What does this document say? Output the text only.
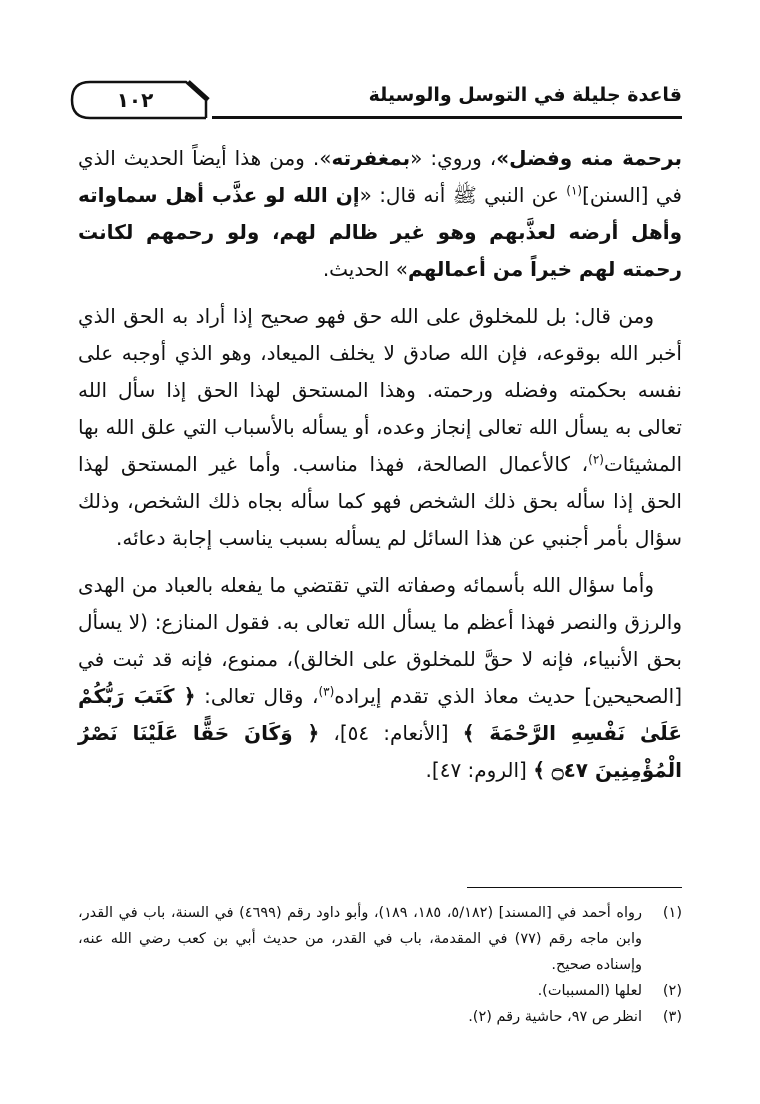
قاعدة جليلة في التوسل والوسيلة
١٠٢

برحمة منه وفضل»، وروي: «بمغفرته». ومن هذا أيضاً الحديث الذي في [السنن]$^{(١)}$ عن النبي ﷺ أنه قال: «إن الله لو عذَّب أهل سماواته وأهل أرضه لعذَّبهم وهو غير ظالم لهم، ولو رحمهم لكانت رحمته لهم خيراً من أعمالهم» الحديث.

ومن قال: بل للمخلوق على الله حق فهو صحيح إذا أراد به الحق الذي أخبر الله بوقوعه، فإن الله صادق لا يخلف الميعاد، وهو الذي أوجبه على نفسه بحكمته وفضله ورحمته. وهذا المستحق لهذا الحق إذا سأل الله تعالى به يسأل الله تعالى إنجاز وعده، أو يسأله بالأسباب التي علق الله بها المشيئات$^{(٢)}$، كالأعمال الصالحة، فهذا مناسب. وأما غير المستحق لهذا الحق إذا سأله بحق ذلك الشخص فهو كما سأله بجاه ذلك الشخص، وذلك سؤال بأمر أجنبي عن هذا السائل لم يسأله بسبب يناسب إجابة دعائه.

وأما سؤال الله بأسمائه وصفاته التي تقتضي ما يفعله بالعباد من الهدى والرزق والنصر فهذا أعظم ما يسأل الله تعالى به. فقول المنازع: (لا يسأل بحق الأنبياء، فإنه لا حقَّ للمخلوق على الخالق)، ممنوع، فإنه قد ثبت في [الصحيحين] حديث معاذ الذي تقدم إيراده$^{(٣)}$، وقال تعالى: ﴿ كَتَبَ رَبُّكُمْ عَلَىٰ نَفْسِهِ الرَّحْمَةَ ﴾ [الأنعام: ٥٤]، ﴿ وَكَانَ حَقًّا عَلَيْنَا نَصْرُ الْمُؤْمِنِينَ ۝٤٧ ﴾ [الروم: ٤٧].

(١)
رواه أحمد في [المسند] (٥/١٨٢، ١٨٥، ١٨٩)، وأبو داود رقم (٤٦٩٩) في السنة، باب في القدر، وابن ماجه رقم (٧٧) في المقدمة، باب في القدر، من حديث أبي بن كعب رضي الله عنه، وإسناده صحيح.
(٢)
لعلها (المسببات).
(٣)
انظر ص ٩٧، حاشية رقم (٢).
